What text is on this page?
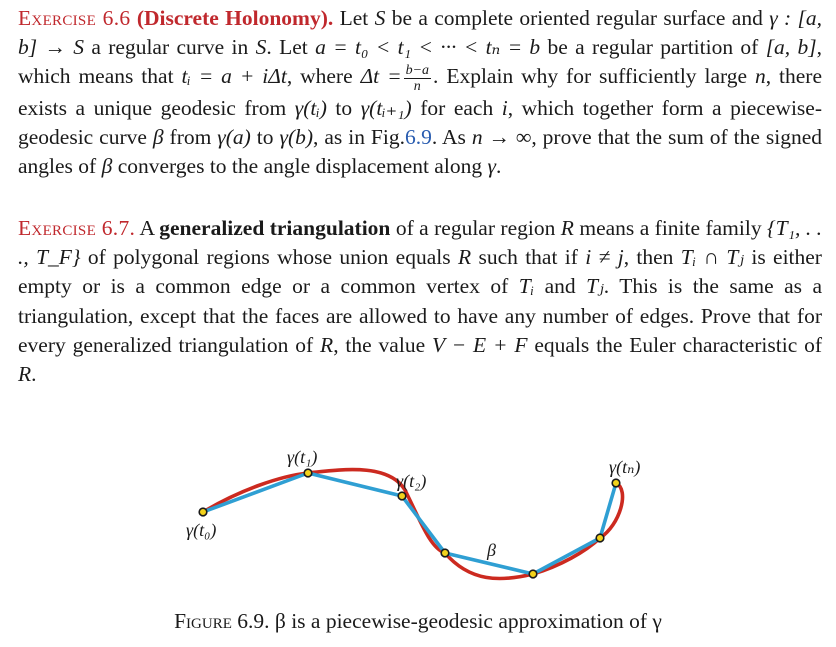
Exercise 6.6 (Discrete Holonomy). Let S be a complete oriented regular surface and γ : [a, b] → S a regular curve in S. Let a = t₀ < t₁ < ··· < tₙ = b be a regular partition of [a, b], which means that tᵢ = a + iΔt, where $\Delta t = \frac{b-a}{n}$ . Explain why for sufficiently large n, there exists a unique geodesic from γ(tᵢ) to γ(tᵢ₊₁) for each i, which together form a piecewise-geodesic curve β from γ(a) to γ(b), as in Fig.6.9. As n → ∞, prove that the sum of the signed angles of β converges to the angle displacement along γ.
Exercise 6.7. A generalized triangulation of a regular region R means a finite family {T₁, . . ., T_F} of polygonal regions whose union equals R such that if i ≠ j, then Tᵢ ∩ Tⱼ is either empty or is a common edge or a common vertex of Tᵢ and Tⱼ. This is the same as a triangulation, except that the faces are allowed to have any number of edges. Prove that for every generalized triangulation of R, the value V − E + F equals the Euler characteristic of R.
γ(t₀)
γ(t₁)
γ(t₂)
γ(tₙ)
β
Figure 6.9. β is a piecewise-geodesic approximation of γ
